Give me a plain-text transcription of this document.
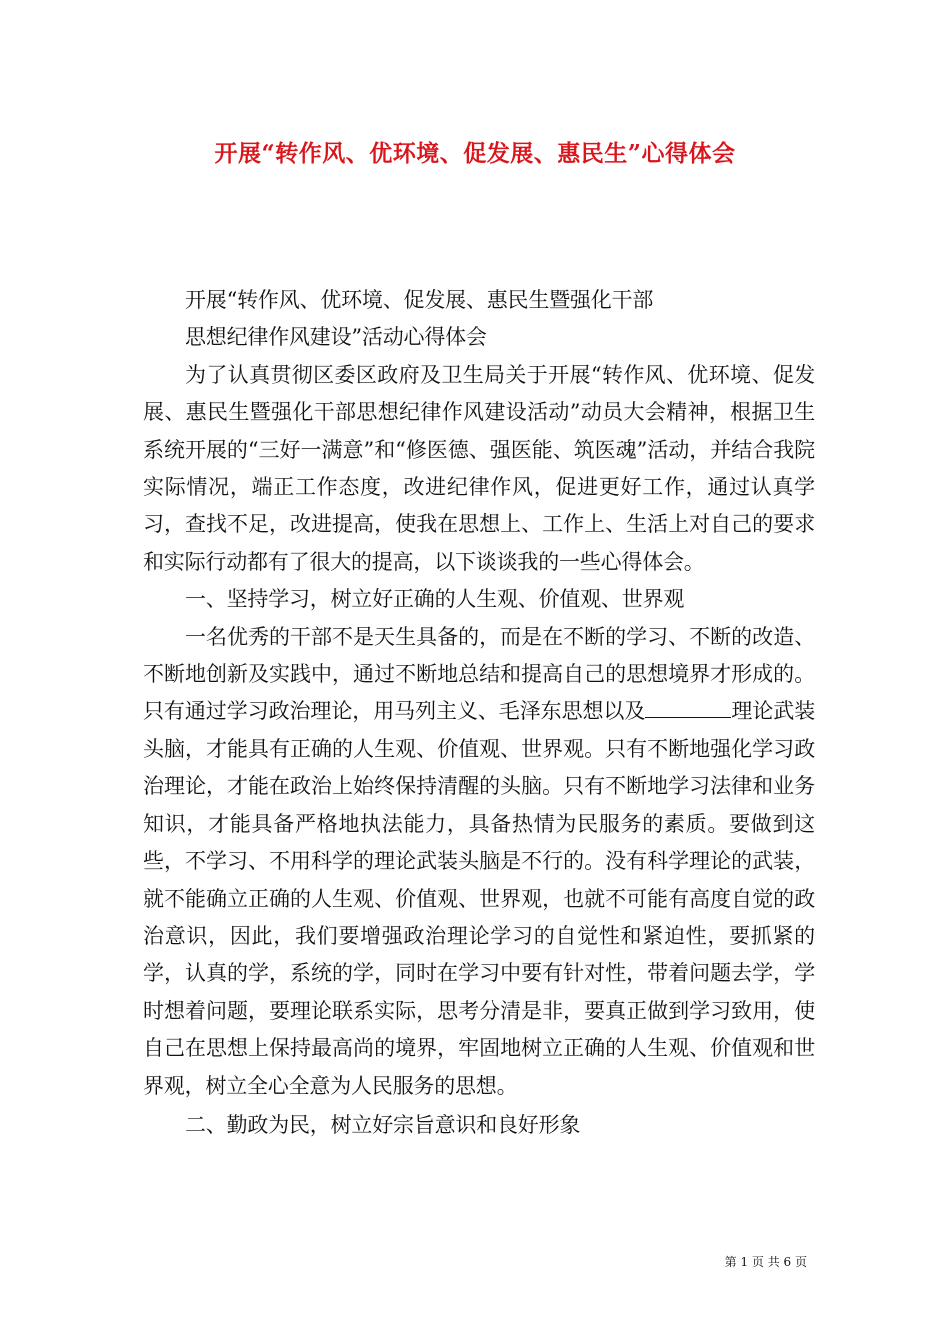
开展“转作风、优环境、促发展、惠民生”心得体会

开展“转作风、优环境、促发展、惠民生暨强化干部

思想纪律作风建设”活动心得体会

为了认真贯彻区委区政府及卫生局关于开展“转作风、优环境、促发展、惠民生暨强化干部思想纪律作风建设活动”动员大会精神，根据卫生系统开展的“三好一满意”和“修医德、强医能、筑医魂”活动，并结合我院实际情况，端正工作态度，改进纪律作风，促进更好工作，通过认真学习，查找不足，改进提高，使我在思想上、工作上、生活上对自己的要求和实际行动都有了很大的提高，以下谈谈我的一些心得体会。

一、坚持学习，树立好正确的人生观、价值观、世界观

一名优秀的干部不是天生具备的，而是在不断的学习、不断的改造、不断地创新及实践中，通过不断地总结和提高自己的思想境界才形成的。只有通过学习政治理论，用马列主义、毛泽东思想以及	理论武装头脑，才能具有正确的人生观、价值观、世界观。只有不断地强化学习政治理论，才能在政治上始终保持清醒的头脑。只有不断地学习法律和业务知识，才能具备严格地执法能力，具备热情为民服务的素质。要做到这些，不学习、不用科学的理论武装头脑是不行的。没有科学理论的武装，就不能确立正确的人生观、价值观、世界观，也就不可能有高度自觉的政治意识，因此，我们要增强政治理论学习的自觉性和紧迫性，要抓紧的学，认真的学，系统的学，同时在学习中要有针对性，带着问题去学，学时想着问题，要理论联系实际，思考分清是非，要真正做到学习致用，使自己在思想上保持最高尚的境界，牢固地树立正确的人生观、价值观和世界观，树立全心全意为人民服务的思想。

二、勤政为民，树立好宗旨意识和良好形象

第 1 页 共 6 页
